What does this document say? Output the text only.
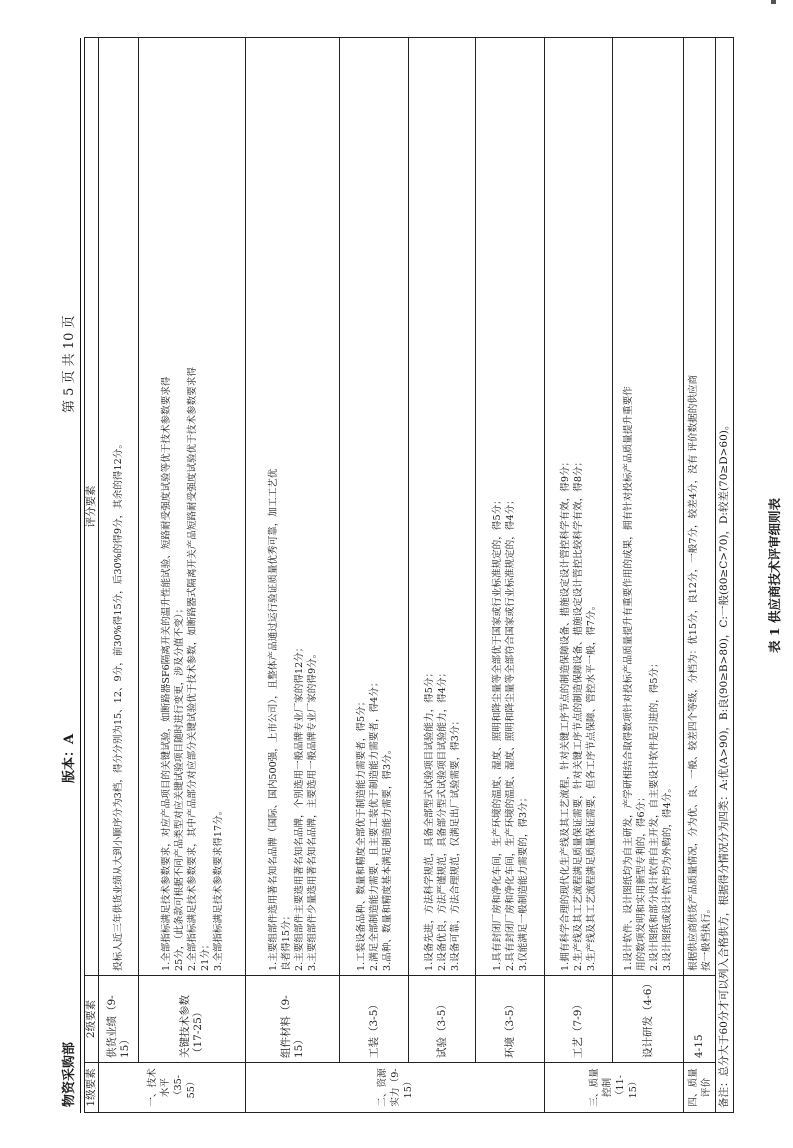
物资采购部
版本：A
第 5 页 共 10 页
1级要素	2级要素	评分要素
一、技术水平（35-55）	供货业绩（9-15）	投标人近三年供货业绩从大到小顺序分为3档，得分分别为15、12、9分，前30%得15分，后30%的得9分，其余的得12分。

	关键技术参数（17-25）	1.全部指标满足技术参数要求，对应产品项目的关键试验，如断路器SF6隔离开关的温升性能试验、短路耐受强度试验等优于技术参数要求得 25分，（此条款可根据不同产品类型对应关键试验项目随时进行变更，涉及分值不变）； 2.全部指标满足技术参数要求，其中产品部分对应部分关键试验优于技术参数，如断路器式隔离开关产品短路耐受强度试验优于技术参数要求得 21分； 3.全部指标满足技术参数要求得17分。

二、资源实力（9-15）	组件材料（9-15）	1.主要组部件选用著名知名品牌（国际、国内500强，上市公司），且整体产品通过运行验证质量优秀可靠，加工工艺优 良者得15分； 2.主要组部件主要选用著名知名品牌，个别选用一般品牌专业厂家的得12分； 3.主要组部件少量选用著名知名品牌，主要选用一般品牌专业厂家的得9分。

	工装（3-5）	1.工装设备品种、数量和精度全部优于制造能力需要者，得5分； 2.满足全部制造能力需要，且主要工装优于制造能力需要者，得4分； 3.品种、数量和精度基本满足制造能力需要，得3分。

	试验（3-5）	1.设备先进，方法科学规范，具备全部型式试验项目试验能力，得5分； 2.设备优良，方法严谨规范，具备部分型式试验项目试验能力，得4分； 3.设备可靠，方法合理规范，仅满足出厂试验需要，得3分；

	环境（3-5）	1.具有封闭厂房和净化车间，生产环境的温度、湿度、照明和降尘量等全部优于国家或行业标准规定的，得5分； 2.具有封闭厂房和净化车间，生产环境的温度、湿度、照明和降尘量等全部符合国家或行业标准规定的，得4分； 3.仅能满足一般制造能力需要的，得3分；

三、质量控制（11-15）	工艺（7-9）	1.拥有科学合理的现代化生产线及其工艺流程，针对关键工序节点的制造保障设备、措施设定设计管控科学有效，得9分； 2.生产线及其工艺流程满足质量保证需要，针对关键工序节点的制造保障设备、措施设定设计管控比较科学有效，得8分； 3.生产线及其工艺流程满足质量保证需要，但各工序节点保障、管控水平一般，得7分。

	设计研发（4-6）	1.设计软件、设计图纸均为自主研发，产学研相结合取得数项针对投标产品质量提升有重要作用的成果，拥有针对投标产品质量提升重要作 用的数项发明和实用新型专利的，得6分； 2.设计图纸和部分设计软件自主开发，自主要设计软件是引进的，得5分； 3.设计图纸或设计软件均为外购的，得4分。

四、质量评价	4-15	根据供应商供货产品质量情况，分为优、良、一般、较差四个等级，分档为：优15分，良12分，一般7分，较差4分，没有 评价数据的供应商 按一般档执行。

备注：总分大于60分才可以列入合格供方，根据得分情况分为四类：A:优(A>90)，B:良(90≥B>80)，C:一般(80≥C>70)，D:较差(70≥D>60)。			表 1 供应商技术评审细则表
